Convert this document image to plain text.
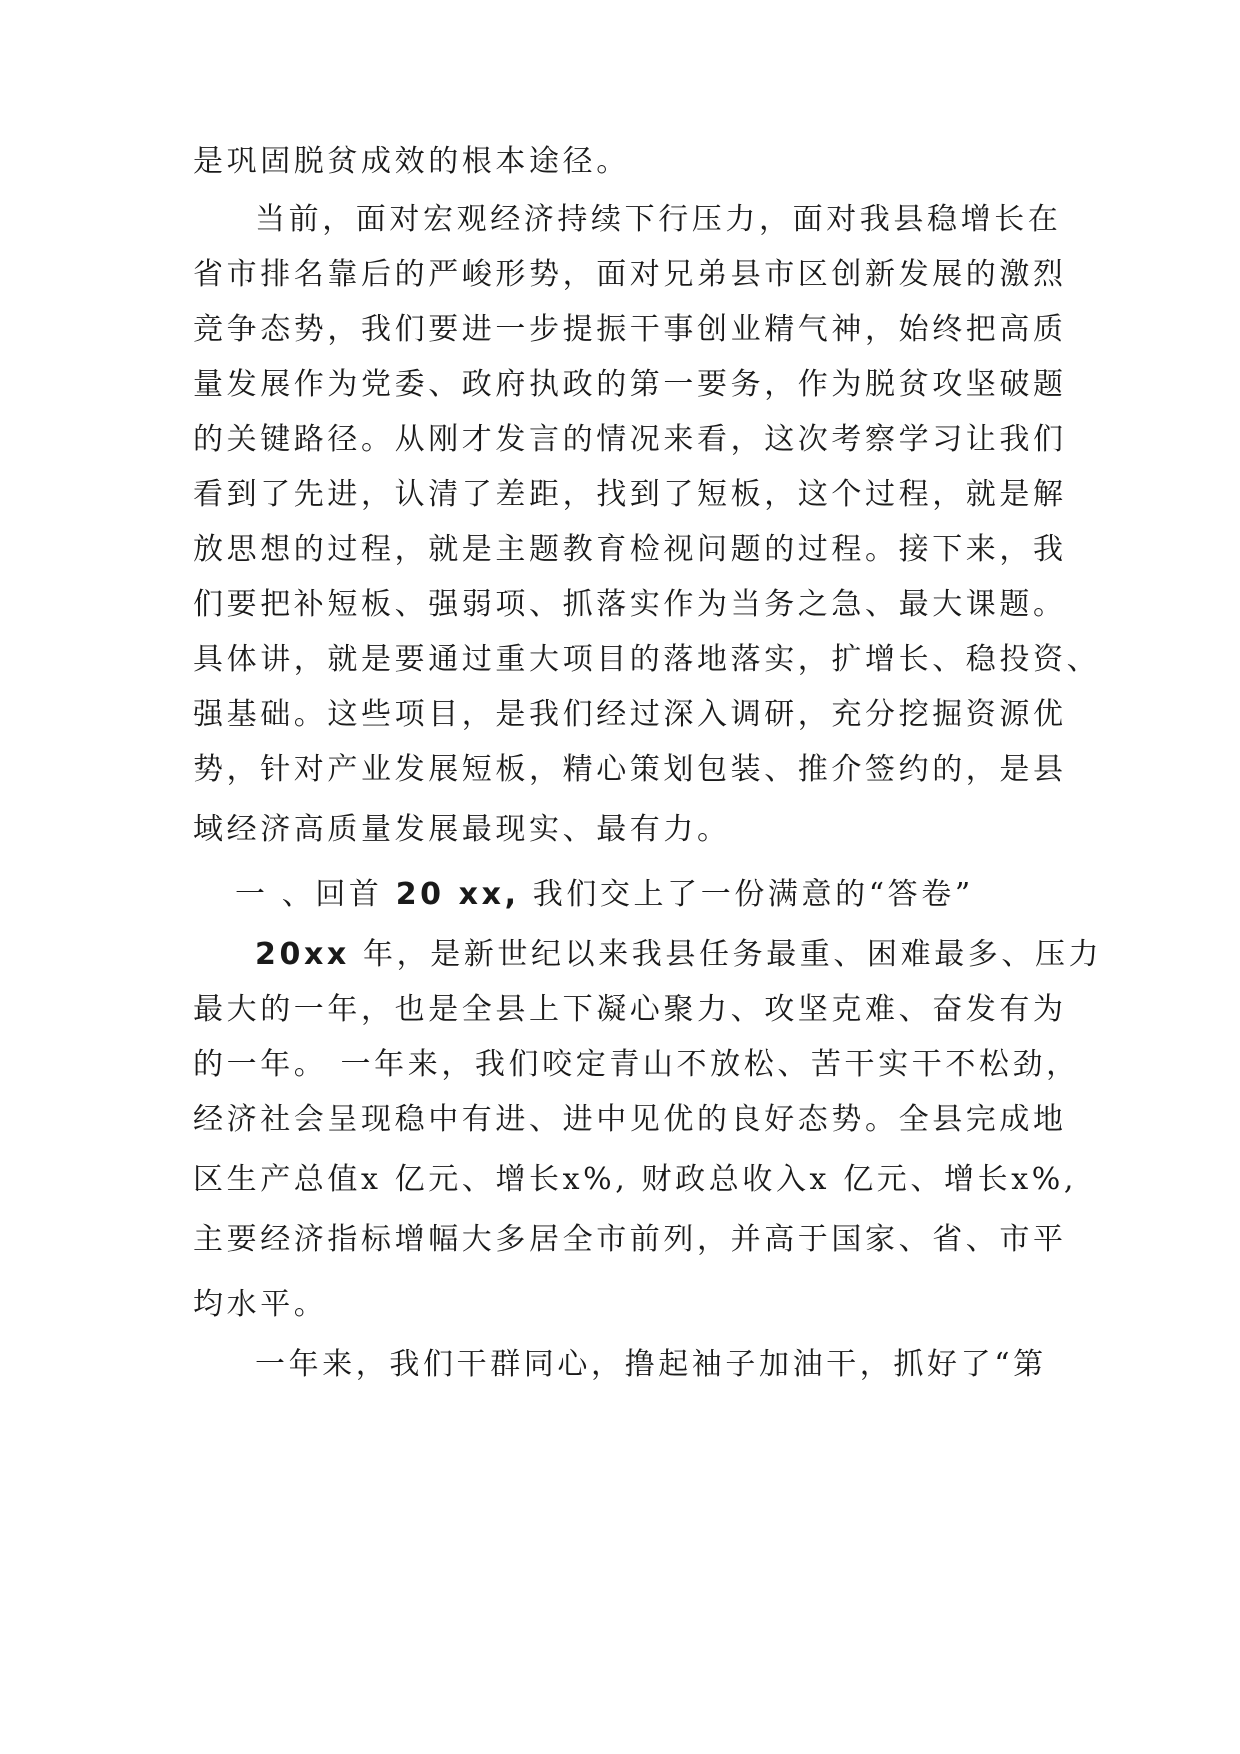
是巩固脱贫成效的根本途径。
当前，面对宏观经济持续下行压力，面对我县稳增长在
省市排名靠后的严峻形势，面对兄弟县市区创新发展的激烈
竞争态势，我们要进一步提振干事创业精气神，始终把高质
量发展作为党委、政府执政的第一要务，作为脱贫攻坚破题
的关键路径。从刚才发言的情况来看，这次考察学习让我们
看到了先进，认清了差距，找到了短板，这个过程，就是解
放思想的过程，就是主题教育检视问题的过程。接下来，我
们要把补短板、强弱项、抓落实作为当务之急、最大课题。
具体讲，就是要通过重大项目的落地落实，扩增长、稳投资、
强基础。这些项目，是我们经过深入调研，充分挖掘资源优
势，针对产业发展短板，精心策划包装、推介签约的，是县
域经济高质量发展最现实、最有力。
一 、回首 20 xx, 我们交上了一份满意的“答卷”
20xx 年，是新世纪以来我县任务最重、困难最多、压力
最大的一年，也是全县上下凝心聚力、攻坚克难、奋发有为
的一年。 一年来，我们咬定青山不放松、苦干实干不松劲，
经济社会呈现稳中有进、进中见优的良好态势。全县完成地
区生产总值x 亿元、增长x%, 财政总收入x 亿元、增长x%,
主要经济指标增幅大多居全市前列，并高于国家、省、市平
均水平。
一年来，我们干群同心，撸起袖子加油干，抓好了“第
